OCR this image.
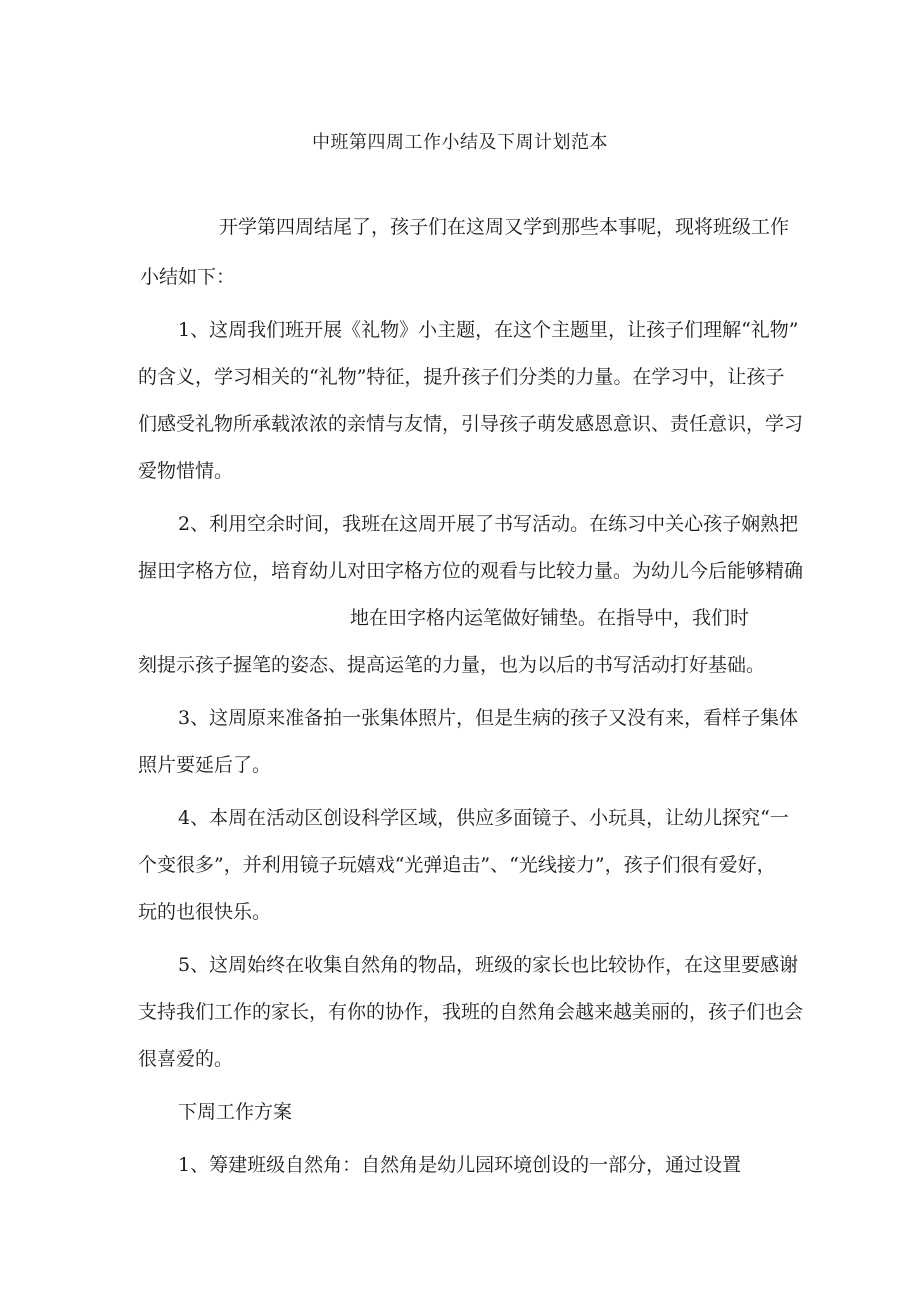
中班第四周工作小结及下周计划范本
开学第四周结尾了，孩子们在这周又学到那些本事呢，现将班级工作
小结如下：
1、这周我们班开展《礼物》小主题，在这个主题里，让孩子们理解“礼物”
的含义，学习相关的“礼物”特征，提升孩子们分类的力量。在学习中，让孩子
们感受礼物所承载浓浓的亲情与友情，引导孩子萌发感恩意识、责任意识，学习
爱物惜情。
2、利用空余时间，我班在这周开展了书写活动。在练习中关心孩子娴熟把
握田字格方位，培育幼儿对田字格方位的观看与比较力量。为幼儿今后能够精确
地在田字格内运笔做好铺垫。在指导中，我们时
刻提示孩子握笔的姿态、提高运笔的力量，也为以后的书写活动打好基础。
3、这周原来准备拍一张集体照片，但是生病的孩子又没有来，看样子集体
照片要延后了。
4、本周在活动区创设科学区域，供应多面镜子、小玩具，让幼儿探究“一
个变很多”，并利用镜子玩嬉戏“光弹追击”、“光线接力”，孩子们很有爱好，
玩的也很快乐。
5、这周始终在收集自然角的物品，班级的家长也比较协作，在这里要感谢
支持我们工作的家长，有你的协作，我班的自然角会越来越美丽的，孩子们也会
很喜爱的。
下周工作方案
1、筹建班级自然角：自然角是幼儿园环境创设的一部分，通过设置
